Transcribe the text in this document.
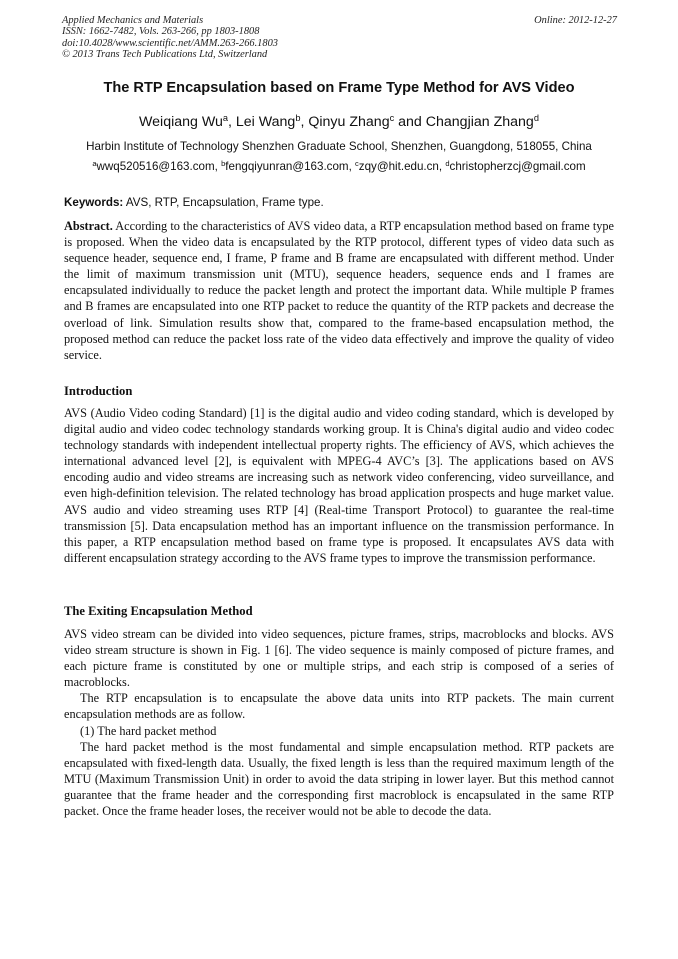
Applied Mechanics and Materials
ISSN: 1662-7482, Vols. 263-266, pp 1803-1808
doi:10.4028/www.scientific.net/AMM.263-266.1803
© 2013 Trans Tech Publications Ltd, Switzerland
Online: 2012-12-27
The RTP Encapsulation based on Frame Type Method for AVS Video
Weiqiang Wu$^a$, Lei Wang$^b$, Qinyu Zhang$^c$ and Changjian Zhang$^d$
Harbin Institute of Technology Shenzhen Graduate School, Shenzhen, Guangdong, 518055, China
$^a$wwq520516@163.com, $^b$fengqiyunran@163.com, $^c$zqy@hit.edu.cn, $^d$christopherzcj@gmail.com
Keywords: AVS, RTP, Encapsulation, Frame type.
Abstract. According to the characteristics of AVS video data, a RTP encapsulation method based on frame type is proposed. When the video data is encapsulated by the RTP protocol, different types of video data such as sequence header, sequence end, I frame, P frame and B frame are encapsulated with different method. Under the limit of maximum transmission unit (MTU), sequence headers, sequence ends and I frames are encapsulated individually to reduce the packet length and protect the important data. While multiple P frames and B frames are encapsulated into one RTP packet to reduce the quantity of the RTP packets and decrease the overload of link. Simulation results show that, compared to the frame-based encapsulation method, the proposed method can reduce the packet loss rate of the video data effectively and improve the quality of video service.
Introduction
AVS (Audio Video coding Standard) [1] is the digital audio and video coding standard, which is developed by digital audio and video codec technology standards working group. It is China's digital audio and video codec technology standards with independent intellectual property rights. The efficiency of AVS, which achieves the international advanced level [2], is equivalent with MPEG-4 AVC’s [3]. The applications based on AVS encoding audio and video streams are increasing such as network video conferencing, video surveillance, and even high-definition television. The related technology has broad application prospects and huge market value. AVS audio and video streaming uses RTP [4] (Real-time Transport Protocol) to guarantee the real-time transmission [5]. Data encapsulation method has an important influence on the transmission performance. In this paper, a RTP encapsulation method based on frame type is proposed. It encapsulates AVS data with different encapsulation strategy according to the AVS frame types to improve the transmission performance.
The Exiting Encapsulation Method

AVS video stream can be divided into video sequences, picture frames, strips, macroblocks and blocks. AVS video stream structure is shown in Fig. 1 [6]. The video sequence is mainly composed of picture frames, and each picture frame is constituted by one or multiple strips, and each strip is composed of a series of macroblocks.

The RTP encapsulation is to encapsulate the above data units into RTP packets. The main current encapsulation methods are as follow.

(1) The hard packet method

The hard packet method is the most fundamental and simple encapsulation method. RTP packets are encapsulated with fixed-length data. Usually, the fixed length is less than the required maximum length of the MTU (Maximum Transmission Unit) in order to avoid the data striping in lower layer. But this method cannot guarantee that the frame header and the corresponding first macroblock is encapsulated in the same RTP packet. Once the frame header loses, the receiver would not be able to decode the data.
